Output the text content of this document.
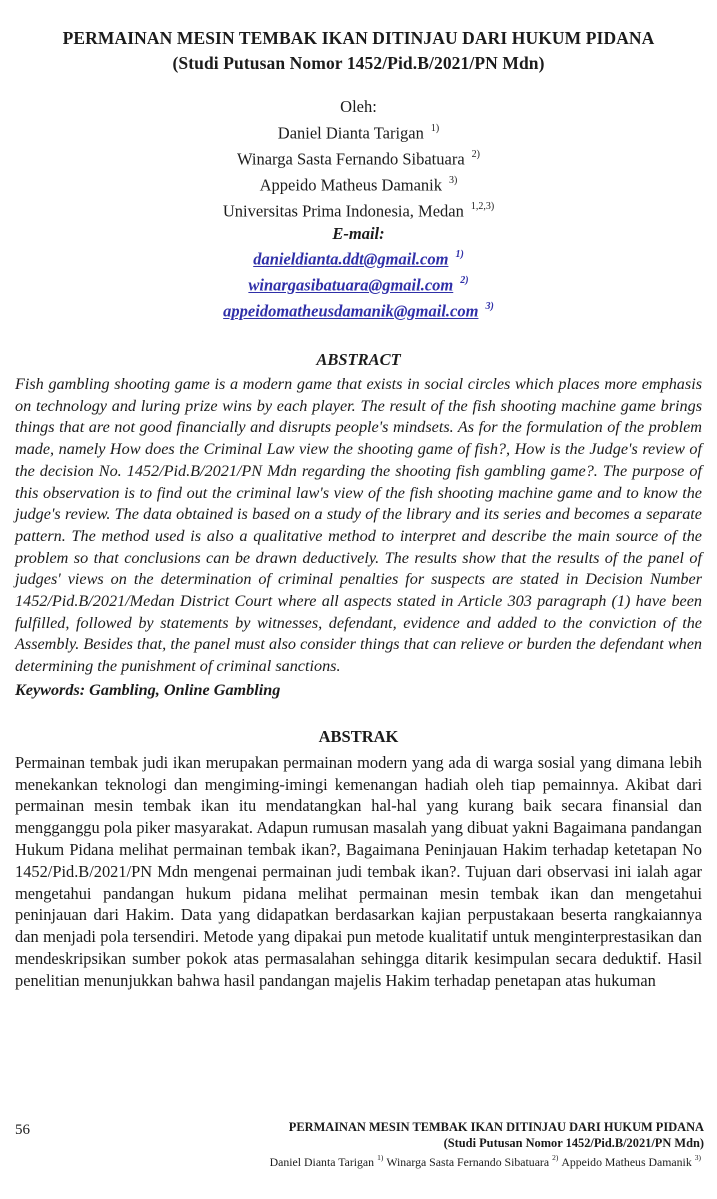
PERMAINAN MESIN TEMBAK IKAN DITINJAU DARI HUKUM PIDANA
(Studi Putusan Nomor 1452/Pid.B/2021/PN Mdn)
Oleh:
Daniel Dianta Tarigan $^{1)}$
Winarga Sasta Fernando Sibatuara $^{2)}$
Appeido Matheus Damanik $^{3)}$
Universitas Prima Indonesia, Medan $^{1,2,3)}$
E-mail:
danieldianta.ddt@gmail.com $^{1)}$
winargasibatuara@gmail.com $^{2)}$
appeidomatheusdamanik@gmail.com $^{3)}$
ABSTRACT
Fish gambling shooting game is a modern game that exists in social circles which places more emphasis on technology and luring prize wins by each player. The result of the fish shooting machine game brings things that are not good financially and disrupts people's mindsets. As for the formulation of the problem made, namely How does the Criminal Law view the shooting game of fish?, How is the Judge's review of the decision No. 1452/Pid.B/2021/PN Mdn regarding the shooting fish gambling game?. The purpose of this observation is to find out the criminal law's view of the fish shooting machine game and to know the judge's review. The data obtained is based on a study of the library and its series and becomes a separate pattern. The method used is also a qualitative method to interpret and describe the main source of the problem so that conclusions can be drawn deductively. The results show that the results of the panel of judges' views on the determination of criminal penalties for suspects are stated in Decision Number 1452/Pid.B/2021/Medan District Court where all aspects stated in Article 303 paragraph (1) have been fulfilled, followed by statements by witnesses, defendant, evidence and added to the conviction of the Assembly. Besides that, the panel must also consider things that can relieve or burden the defendant when determining the punishment of criminal sanctions.
Keywords: Gambling, Online Gambling
ABSTRAK
Permainan tembak judi ikan merupakan permainan modern yang ada di warga sosial yang dimana lebih menekankan teknologi dan mengiming-imingi kemenangan hadiah oleh tiap pemainnya. Akibat dari permainan mesin tembak ikan itu mendatangkan hal-hal yang kurang baik secara finansial dan mengganggu pola piker masyarakat. Adapun rumusan masalah yang dibuat yakni Bagaimana pandangan Hukum Pidana melihat permainan tembak ikan?, Bagaimana Peninjauan Hakim terhadap ketetapan No 1452/Pid.B/2021/PN Mdn mengenai permainan judi tembak ikan?. Tujuan dari observasi ini ialah agar mengetahui pandangan hukum pidana melihat permainan mesin tembak ikan dan mengetahui peninjauan dari Hakim. Data yang didapatkan berdasarkan kajian perpustakaan beserta rangkaiannya dan menjadi pola tersendiri. Metode yang dipakai pun metode kualitatif untuk menginterprestasikan dan mendeskripsikan sumber pokok atas permasalahan sehingga ditarik kesimpulan secara deduktif. Hasil penelitian menunjukkan bahwa hasil pandangan majelis Hakim terhadap penetapan atas hukuman
56	PERMAINAN MESIN TEMBAK IKAN DITINJAU DARI HUKUM PIDANA
(Studi Putusan Nomor 1452/Pid.B/2021/PN Mdn)
Daniel Dianta Tarigan $^{1)}$ Winarga Sasta Fernando Sibatuara $^{2)}$ Appeido Matheus Damanik $^{3)}$
